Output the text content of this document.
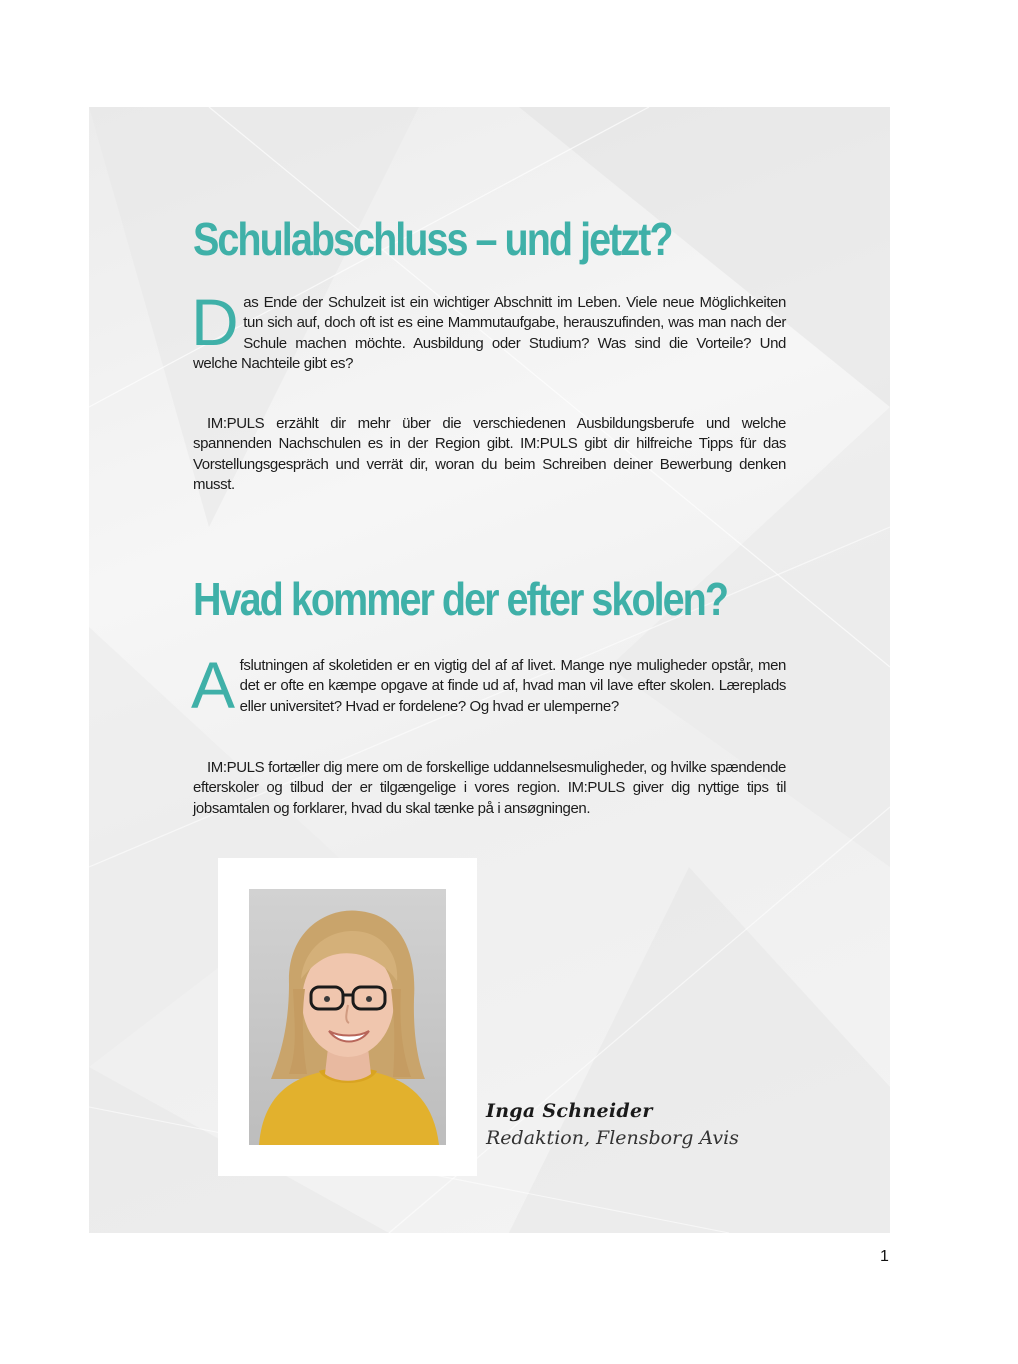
Schulabschluss – und jetzt?

Das Ende der Schulzeit ist ein wichtiger Abschnitt im Leben. Viele neue Möglichkeiten tun sich auf, doch oft ist es eine Mammutaufgabe, herauszufinden, was man nach der Schule machen möchte. Ausbildung oder Studium? Was sind die Vorteile? Und welche Nachteile gibt es?

IM:PULS erzählt dir mehr über die verschiedenen Ausbildungsberufe und welche spannenden Nachschulen es in der Region gibt. IM:PULS gibt dir hilfreiche Tipps für das Vorstellungsgespräch und verrät dir, woran du beim Schreiben deiner Bewerbung denken musst.

Hvad kommer der efter skolen?

Afslutningen af skoletiden er en vigtig del af af livet. Mange nye muligheder opstår, men det er ofte en kæmpe opgave at finde ud af, hvad man vil lave efter skolen. Læreplads eller universitet? Hvad er fordelene? Og hvad er ulemperne?

IM:PULS fortæller dig mere om de forskellige uddannelsesmuligheder, og hvilke spændende efterskoler og tilbud der er tilgængelige i vores region. IM:PULS giver dig nyttige tips til jobsamtalen og forklarer, hvad du skal tænke på i ansøgningen.

Inga Schneider
Redaktion, Flensborg Avis
1
